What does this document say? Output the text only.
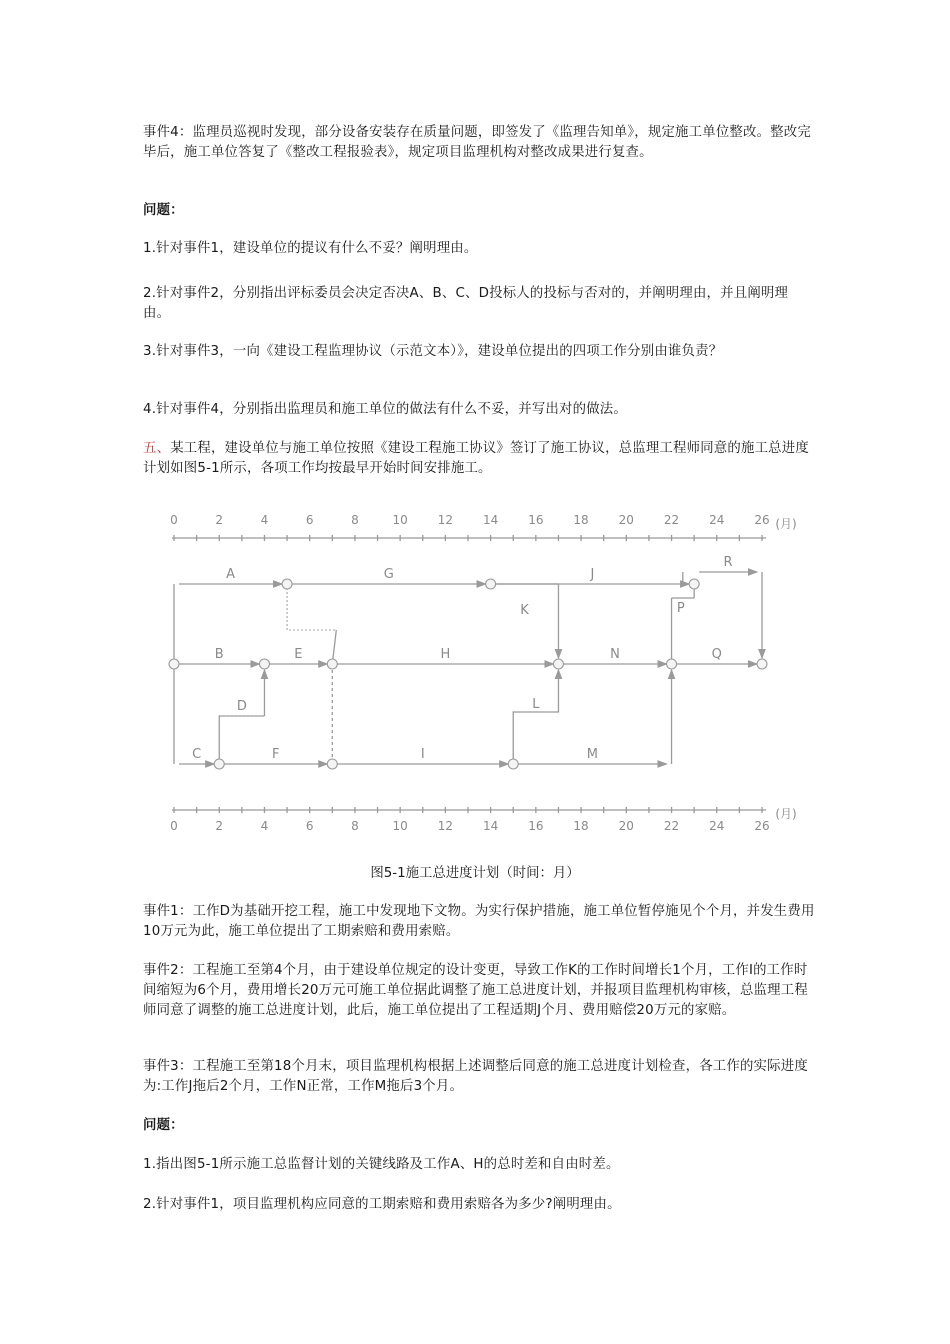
事件4：监理员巡视时发现，部分设备安装存在质量问题，即签发了《监理告知单》，规定施工单位整改。整改完毕后，施工单位答复了《整改工程报验表》，规定项目监理机构对整改成果进行复查。

问题：

1.针对事件1，建设单位的提议有什么不妥？阐明理由。

2.针对事件2，分别指出评标委员会决定否决A、B、C、D投标人的投标与否对的，并阐明理由，并且阐明理由。

3.针对事件3，一向《建设工程监理协议（示范文本）》，建设单位提出的四项工作分别由谁负责？

4.针对事件4，分别指出监理员和施工单位的做法有什么不妥，并写出对的做法。

五、某工程，建设单位与施工单位按照《建设工程施工协议》签订了施工协议，总监理工程师同意的施工总进度计划如图5-1所示，各项工作均按最早开始时间安排施工。

0	2	4	6	8	10 12 14 16 18 20 22 24 26 (月)
0	2	4	6	8	10 12 14 16 18 20 22 24 26
(月)
A	G	J
R
K
B	E	H	N	Q
P
L
C	F	I	M
D
图5-1施工总进度计划（时间：月）

事件1：工作D为基础开挖工程，施工中发现地下文物。为实行保护措施，施工单位暂停施见个个月，并发生费用10万元为此，施工单位提出了工期索赔和费用索赔。

事件2：工程施工至第4个月，由于建设单位规定的设计变更，导致工作K的工作时间增长1个月，工作I的工作时间缩短为6个月，费用增长20万元可施工单位据此调整了施工总进度计划，并报项目监理机构审核，总监理工程师同意了调整的施工总进度计划，此后，施工单位提出了工程适期J个月、费用赔偿20万元的家赔。

事件3：工程施工至第18个月末，项目监理机构根据上述调整后同意的施工总进度计划检查，各工作的实际进度为:工作J拖后2个月，工作N正常，工作M拖后3个月。

问题：

1.指出图5-1所示施工总监督计划的关键线路及工作A、H的总时差和自由时差。

2.针对事件1，项目监理机构应同意的工期索赔和费用索赔各为多少?阐明理由。
